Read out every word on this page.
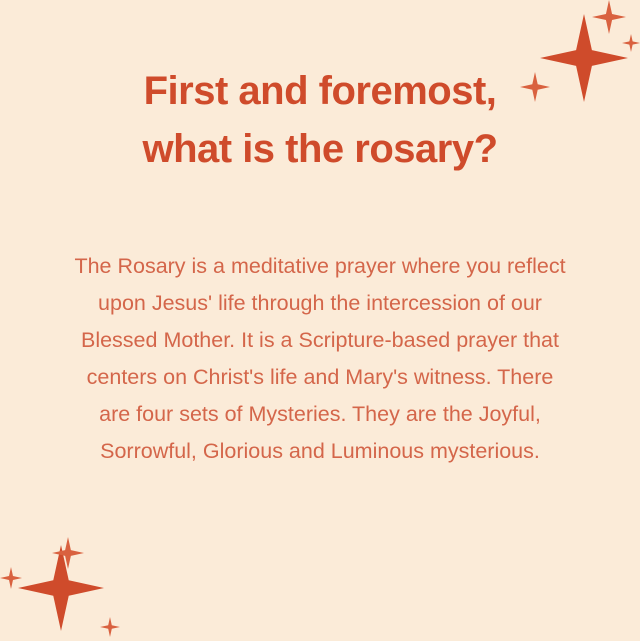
First and foremost,
what is the rosary?
The Rosary is a meditative prayer where you reflect
upon Jesus' life through the intercession of our
Blessed Mother. It is a Scripture-based prayer that
centers on Christ's life and Mary's witness. There
are four sets of Mysteries. They are the Joyful,
Sorrowful, Glorious and Luminous mysterious.
